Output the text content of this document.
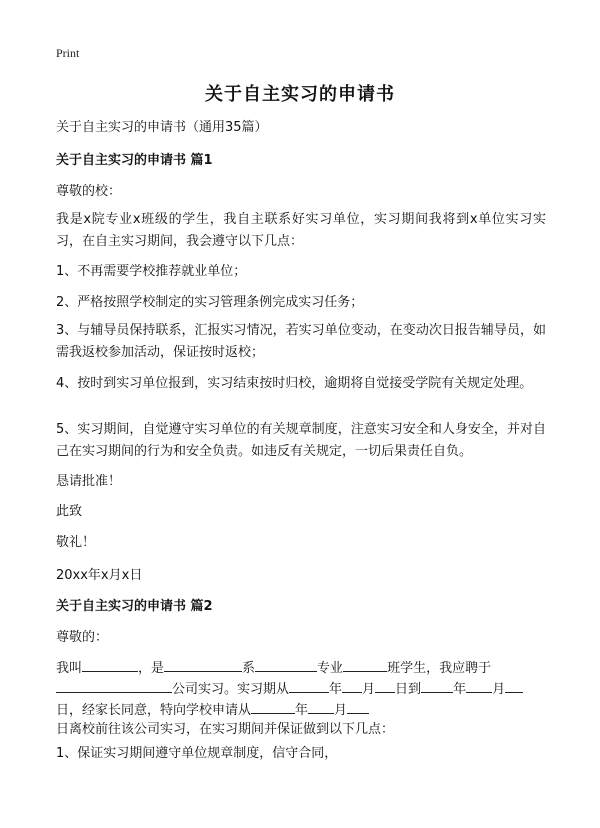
Print
关于自主实习的申请书
关于自主实习的申请书（通用35篇）
关于自主实习的申请书 篇1
尊敬的校：
我是x院专业x班级的学生，我自主联系好实习单位，实习期间我将到x单位实习实习，在自主实习期间，我会遵守以下几点：
1、不再需要学校推荐就业单位；
2、严格按照学校制定的实习管理条例完成实习任务；
3、与辅导员保持联系，汇报实习情况，若实习单位变动，在变动次日报告辅导员，如需我返校参加活动，保证按时返校；
4、按时到实习单位报到，实习结束按时归校，逾期将自觉接受学院有关规定处理。
5、实习期间，自觉遵守实习单位的有关规章制度，注意实习安全和人身安全，并对自己在实习期间的行为和安全负责。如违反有关规定，一切后果责任自负。
恳请批准！
此致
敬礼！
20xx年x月x日
关于自主实习的申请书 篇2
尊敬的：
我叫	，是	系	专业	班学生，我应聘于
公司实习。实习期从	年 月 日到 年 月
日，经家长同意，特向学校申请从	年 月
日离校前往该公司实习，在实习期间并保证做到以下几点：
1、保证实习期间遵守单位规章制度，信守合同，
